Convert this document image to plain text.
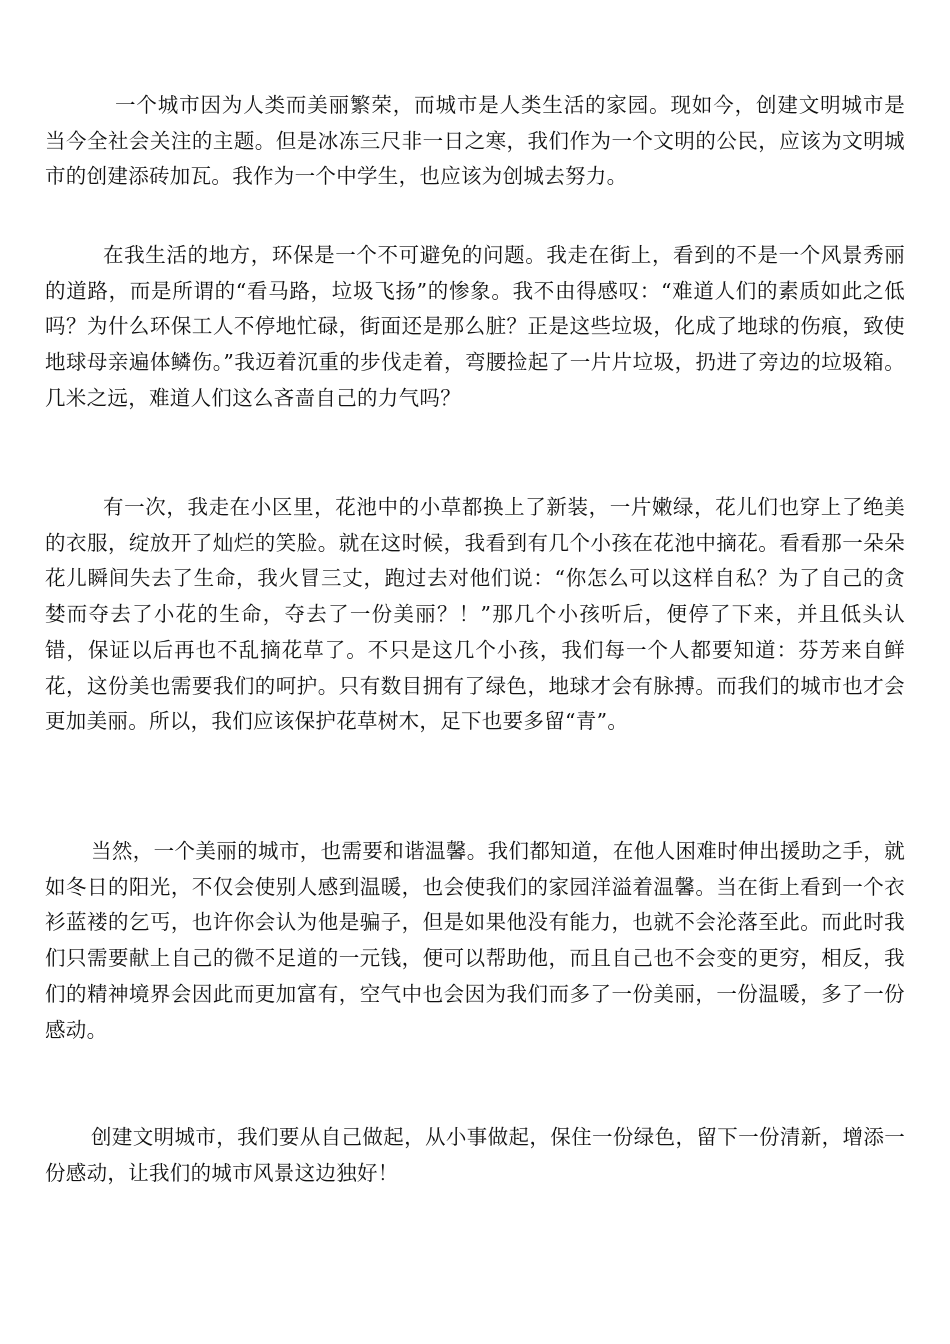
一个城市因为人类而美丽繁荣，而城市是人类生活的家园。现如今，创建文明城市是当今全社会关注的主题。但是冰冻三尺非一日之寒，我们作为一个文明的公民，应该为文明城市的创建添砖加瓦。我作为一个中学生，也应该为创城去努力。

在我生活的地方，环保是一个不可避免的问题。我走在街上，看到的不是一个风景秀丽的道路，而是所谓的“看马路，垃圾飞扬”的惨象。我不由得感叹：“难道人们的素质如此之低吗？为什么环保工人不停地忙碌，街面还是那么脏？正是这些垃圾，化成了地球的伤痕，致使地球母亲遍体鳞伤。”我迈着沉重的步伐走着，弯腰捡起了一片片垃圾，扔进了旁边的垃圾箱。几米之远，难道人们这么吝啬自己的力气吗？

有一次，我走在小区里，花池中的小草都换上了新装，一片嫩绿，花儿们也穿上了绝美的衣服，绽放开了灿烂的笑脸。就在这时候，我看到有几个小孩在花池中摘花。看看那一朵朵花儿瞬间失去了生命，我火冒三丈，跑过去对他们说：“你怎么可以这样自私？为了自己的贪婪而夺去了小花的生命，夺去了一份美丽？！”那几个小孩听后，便停了下来，并且低头认错，保证以后再也不乱摘花草了。不只是这几个小孩，我们每一个人都要知道：芬芳来自鲜花，这份美也需要我们的呵护。只有数目拥有了绿色，地球才会有脉搏。而我们的城市也才会更加美丽。所以，我们应该保护花草树木，足下也要多留“青”。

当然，一个美丽的城市，也需要和谐温馨。我们都知道，在他人困难时伸出援助之手，就如冬日的阳光，不仅会使别人感到温暖，也会使我们的家园洋溢着温馨。当在街上看到一个衣衫蓝褛的乞丐，也许你会认为他是骗子，但是如果他没有能力，也就不会沦落至此。而此时我们只需要献上自己的微不足道的一元钱，便可以帮助他，而且自己也不会变的更穷，相反，我们的精神境界会因此而更加富有，空气中也会因为我们而多了一份美丽，一份温暖，多了一份感动。

创建文明城市，我们要从自己做起，从小事做起，保住一份绿色，留下一份清新，增添一份感动，让我们的城市风景这边独好！
